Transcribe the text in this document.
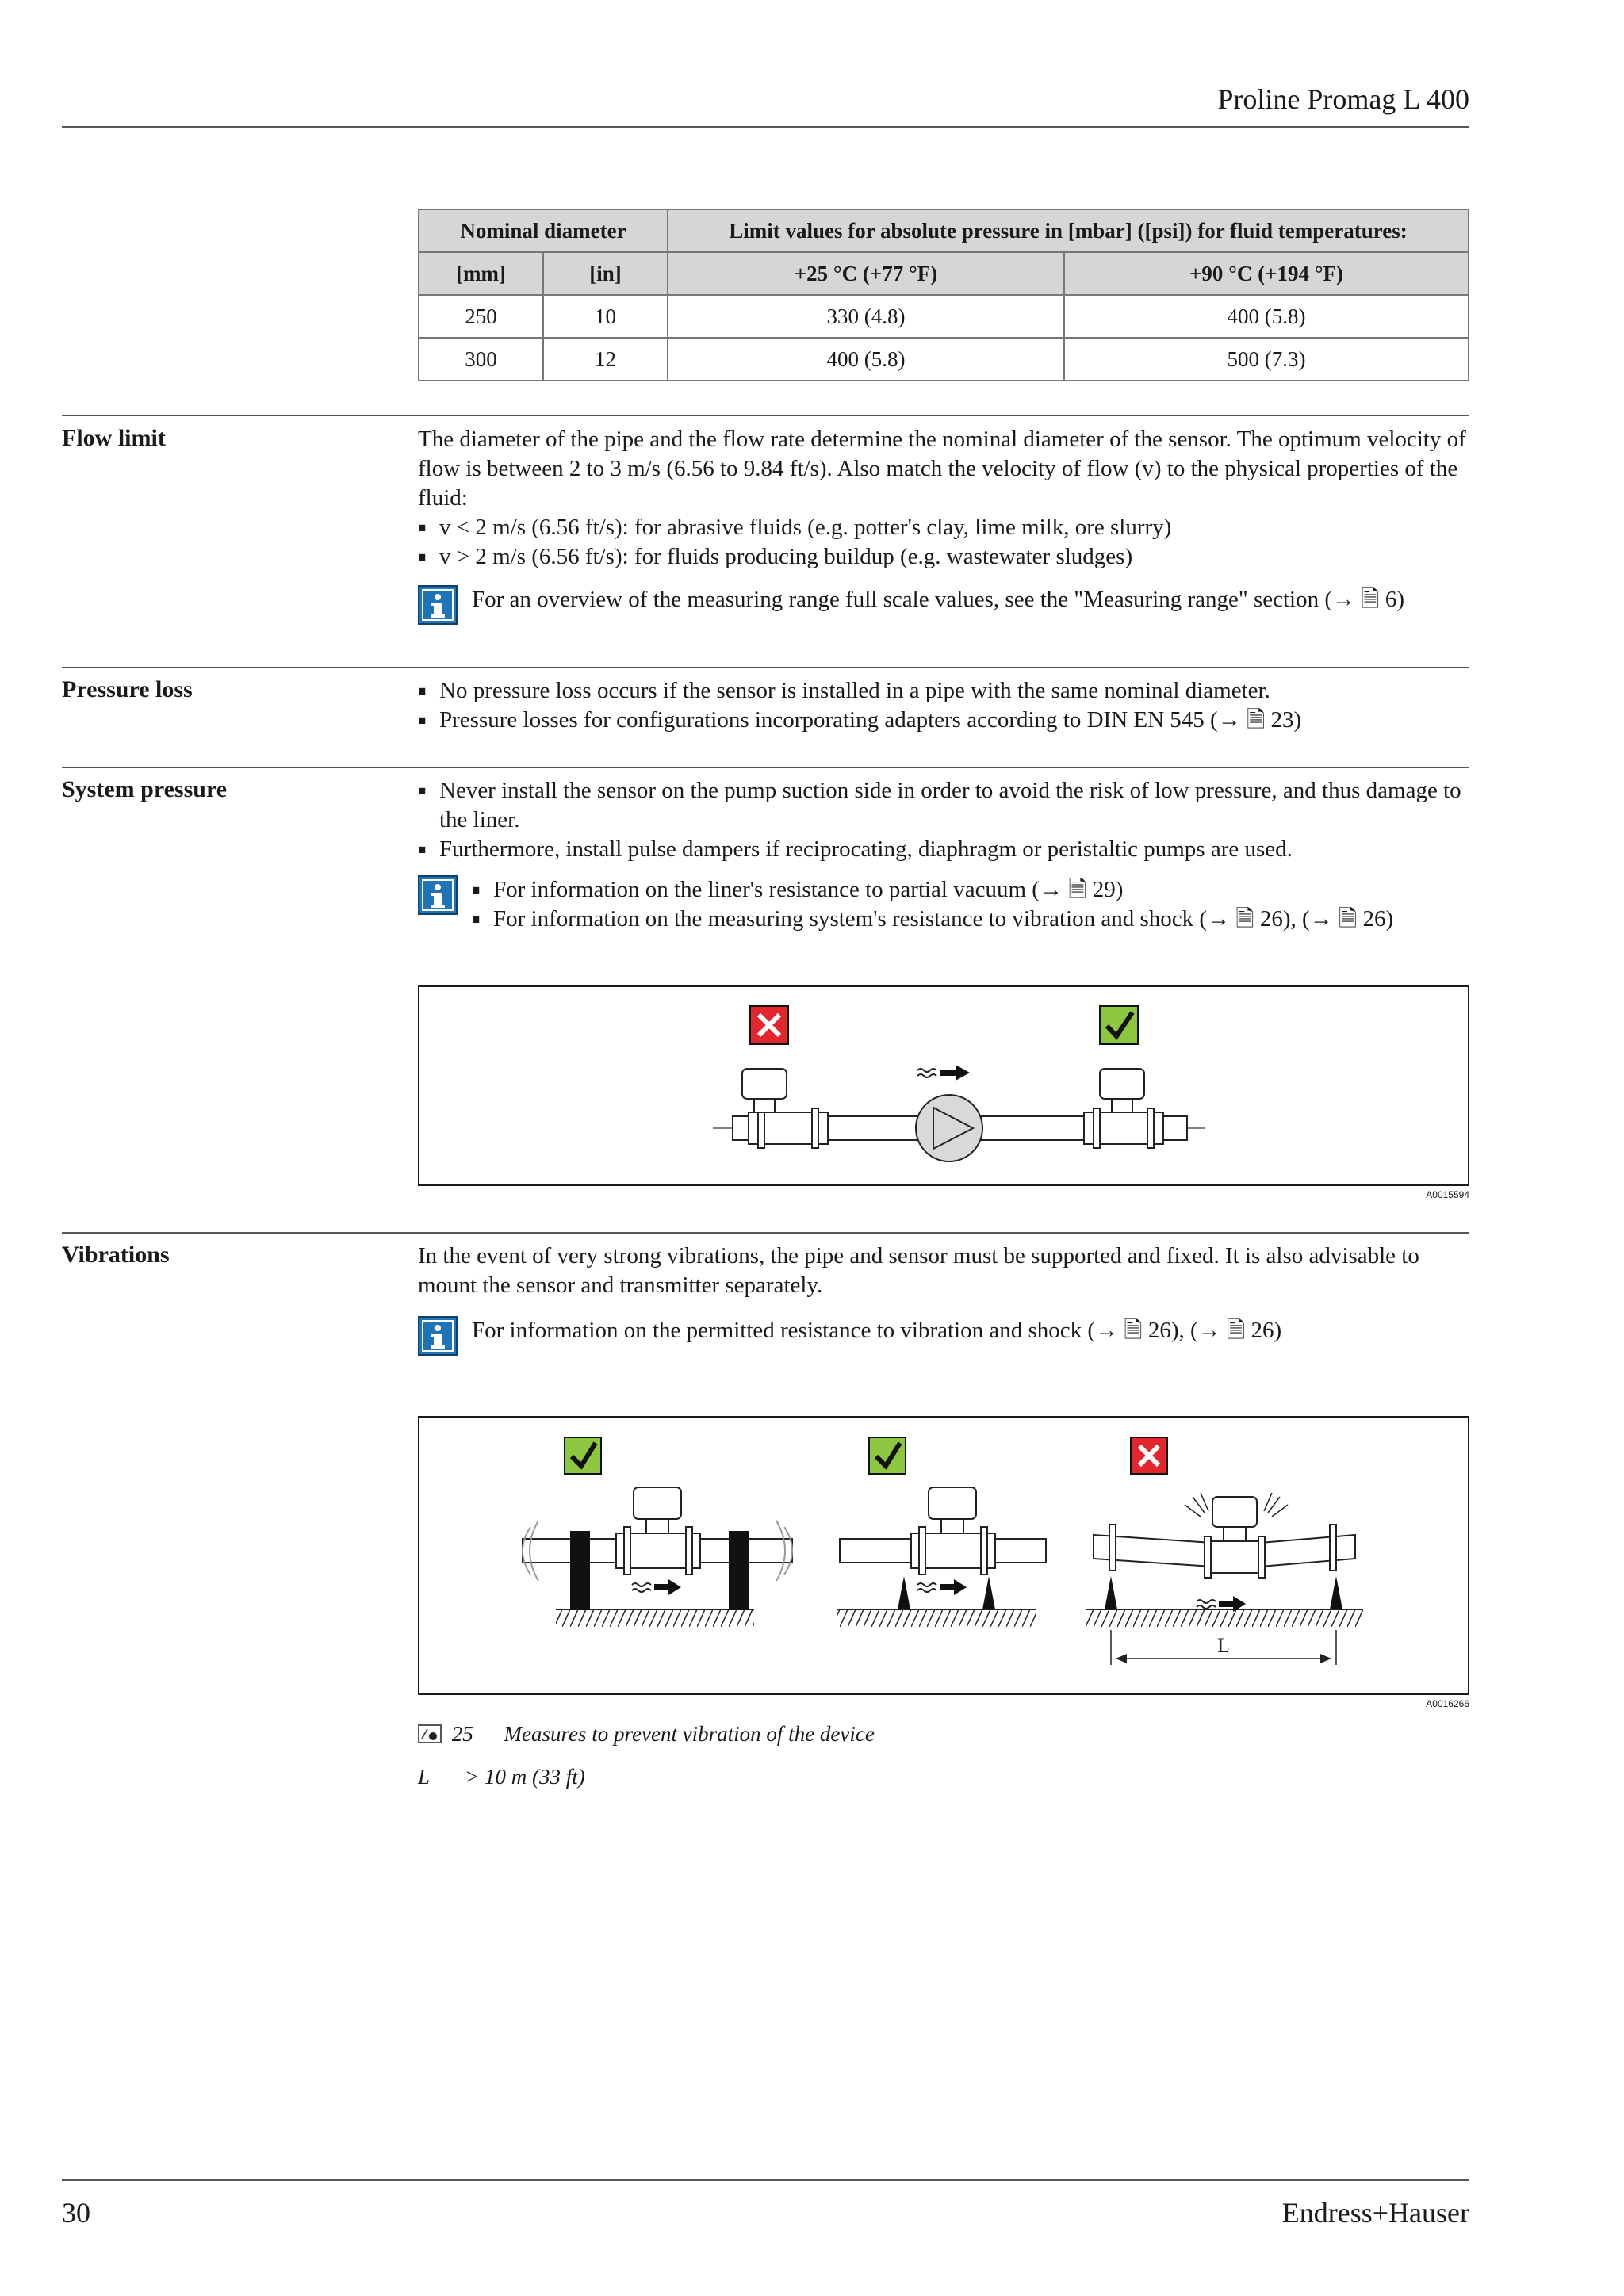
Proline Promag L 400
Nominal diameter		Limit values for absolute pressure in [mbar] ([psi]) for fluid temperatures:	
[mm]	[in]	+25 °C (+77 °F)	+90 °C (+194 °F)
250	10	330 (4.8)	400 (5.8)
300	12	400 (5.8)	500 (7.3)
Flow limit	The diameter of the pipe and the flow rate determine the nominal diameter of the sensor. The optimum velocity of flow is between 2 to 3 m/s (6.56 to 9.84 ft/s). Also match the velocity of flow (v) to the physical properties of the fluid:
■ v < 2 m/s (6.56 ft/s): for abrasive fluids (e.g. potter's clay, lime milk, ore slurry)
■ v > 2 m/s (6.56 ft/s): for fluids producing buildup (e.g. wastewater sludges)
For an overview of the measuring range full scale values, see the "Measuring range" section (→ 🗎 6)
Pressure loss	■ No pressure loss occurs if the sensor is installed in a pipe with the same nominal diameter.
■ Pressure losses for configurations incorporating adapters according to DIN EN 545 (→ 🗎 23)
System pressure	■ Never install the sensor on the pump suction side in order to avoid the risk of low pressure, and thus damage to the liner.
■ Furthermore, install pulse dampers if reciprocating, diaphragm or peristaltic pumps are used.
■ For information on the liner's resistance to partial vacuum (→ 🗎 29)
■ For information on the measuring system's resistance to vibration and shock (→ 🗎 26), (→ 🗎 26)
A0015594
Vibrations	In the event of very strong vibrations, the pipe and sensor must be supported and fixed. It is also advisable to mount the sensor and transmitter separately.
For information on the permitted resistance to vibration and shock (→ 🗎 26), (→ 🗎 26)
L
A0016266
25 Measures to prevent vibration of the device
L > 10 m (33 ft)
30	Endress+Hauser
